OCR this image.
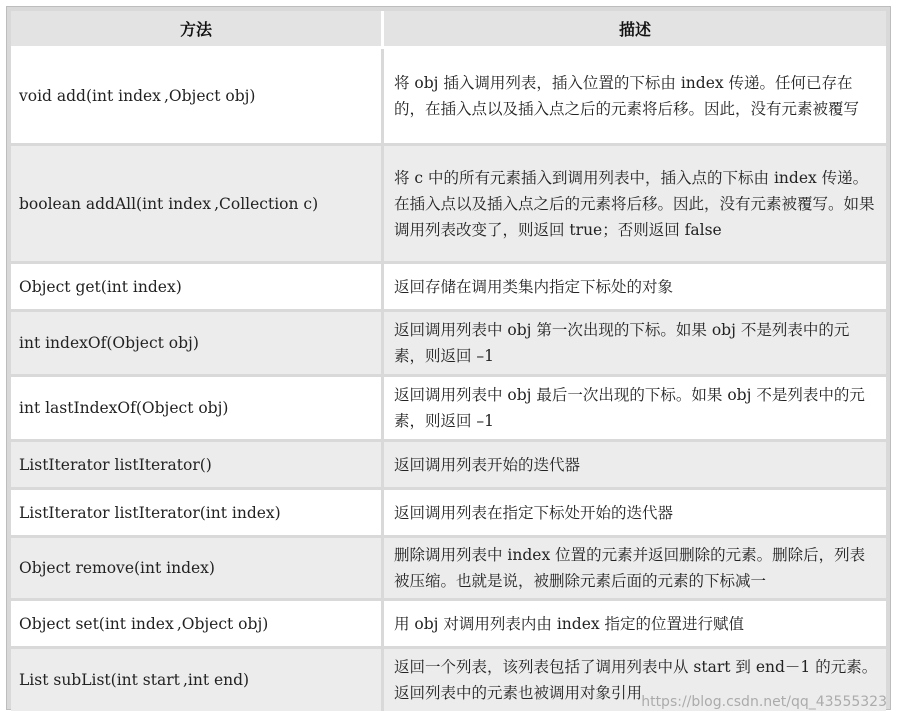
方法	描述
void add(int index ,Object obj)	将 obj 插入调用列表，插入位置的下标由 index 传递。任何已存在的，在插入点以及插入点之后的元素将后移。因此，没有元素被覆写
boolean addAll(int index ,Collection c)	将 c 中的所有元素插入到调用列表中，插入点的下标由 index 传递。在插入点以及插入点之后的元素将后移。因此，没有元素被覆写。如果调用列表改变了，则返回 true；否则返回 false
Object get(int index)	返回存储在调用类集内指定下标处的对象
int indexOf(Object obj)	返回调用列表中 obj 第一次出现的下标。如果 obj 不是列表中的元素，则返回 –1
int lastIndexOf(Object obj)	返回调用列表中 obj 最后一次出现的下标。如果 obj 不是列表中的元素，则返回 –1
ListIterator listIterator()	返回调用列表开始的迭代器
ListIterator listIterator(int index)	返回调用列表在指定下标处开始的迭代器
Object remove(int index)	删除调用列表中 index 位置的元素并返回删除的元素。删除后，列表被压缩。也就是说，被删除元素后面的元素的下标减一
Object set(int index ,Object obj)	用 obj 对调用列表内由 index 指定的位置进行赋值
List subList(int start ,int end)	返回一个列表，该列表包括了调用列表中从 start 到 end－1 的元素。返回列表中的元素也被调用对象引用 https://blog.csdn.net/qq_43555323
